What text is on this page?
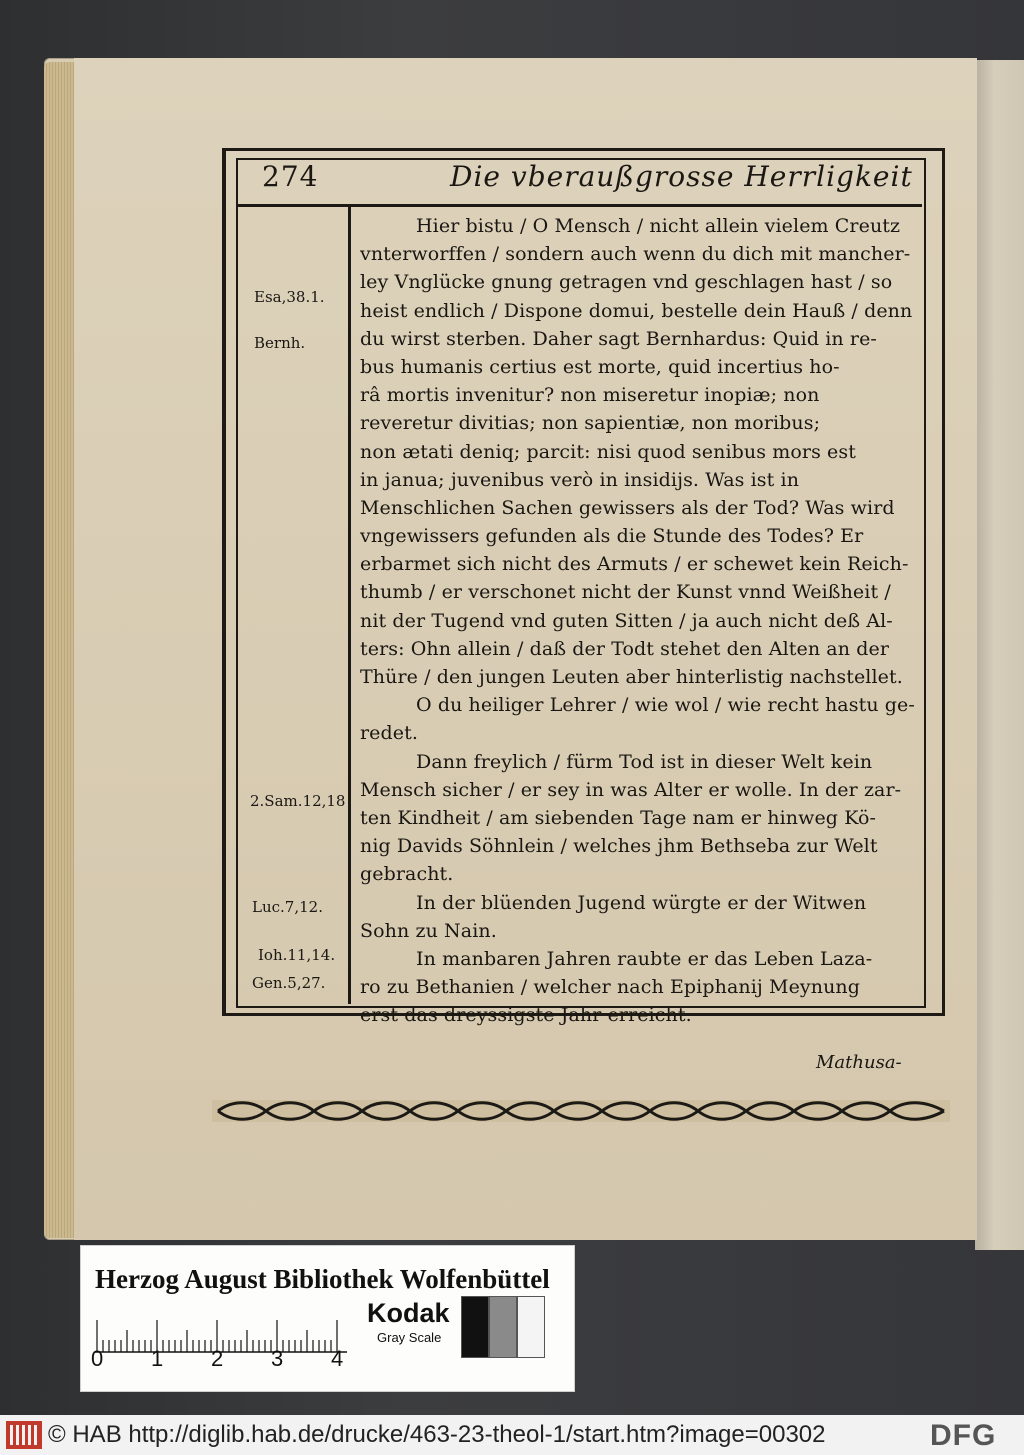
274	Die vberaußgrosse Herrligkeit
Esa,38.1.
Bernh.
2.Sam.12,18
Luc.7,12.
Ioh.11,14.
Gen.5,27.
Hier bistu / O Mensch / nicht allein vielem Creutz
vnterworffen / sondern auch wenn du dich mit mancher-
ley Vnglücke gnung getragen vnd geschlagen hast / so
heist endlich / Dispone domui, bestelle dein Hauß / denn
du wirst sterben. Daher sagt Bernhardus: Quid in re-
bus humanis certius est morte, quid incertius ho-
râ mortis invenitur? non miseretur inopiæ; non
reveretur divitias; non sapientiæ, non moribus;
non ætati deniq; parcit: nisi quod senibus mors est
in janua; juvenibus verò in insidijs. Was ist in
Menschlichen Sachen gewissers als der Tod? Was wird
vngewissers gefunden als die Stunde des Todes? Er
erbarmet sich nicht des Armuts / er schewet kein Reich-
thumb / er verschonet nicht der Kunst vnnd Weißheit /
nit der Tugend vnd guten Sitten / ja auch nicht deß Al-
ters: Ohn allein / daß der Todt stehet den Alten an der
Thüre / den jungen Leuten aber hinterlistig nachstellet.
O du heiliger Lehrer / wie wol / wie recht hastu ge-
redet.
Dann freylich / fürm Tod ist in dieser Welt kein
Mensch sicher / er sey in was Alter er wolle. In der zar-
ten Kindheit / am siebenden Tage nam er hinweg Kö-
nig Davids Söhnlein / welches jhm Bethseba zur Welt
gebracht.
In der blüenden Jugend würgte er der Witwen
Sohn zu Nain.
In manbaren Jahren raubte er das Leben Laza-
ro zu Bethanien / welcher nach Epiphanij Meynung
erst das dreyssigste Jahr erreicht.
Mathusa-
Herzog August Bibliothek Wolfenbüttel
0 1 2 3 4
Kodak
Gray Scale
© HAB http://diglib.hab.de/drucke/463-23-theol-1/start.htm?image=00302	DFG
